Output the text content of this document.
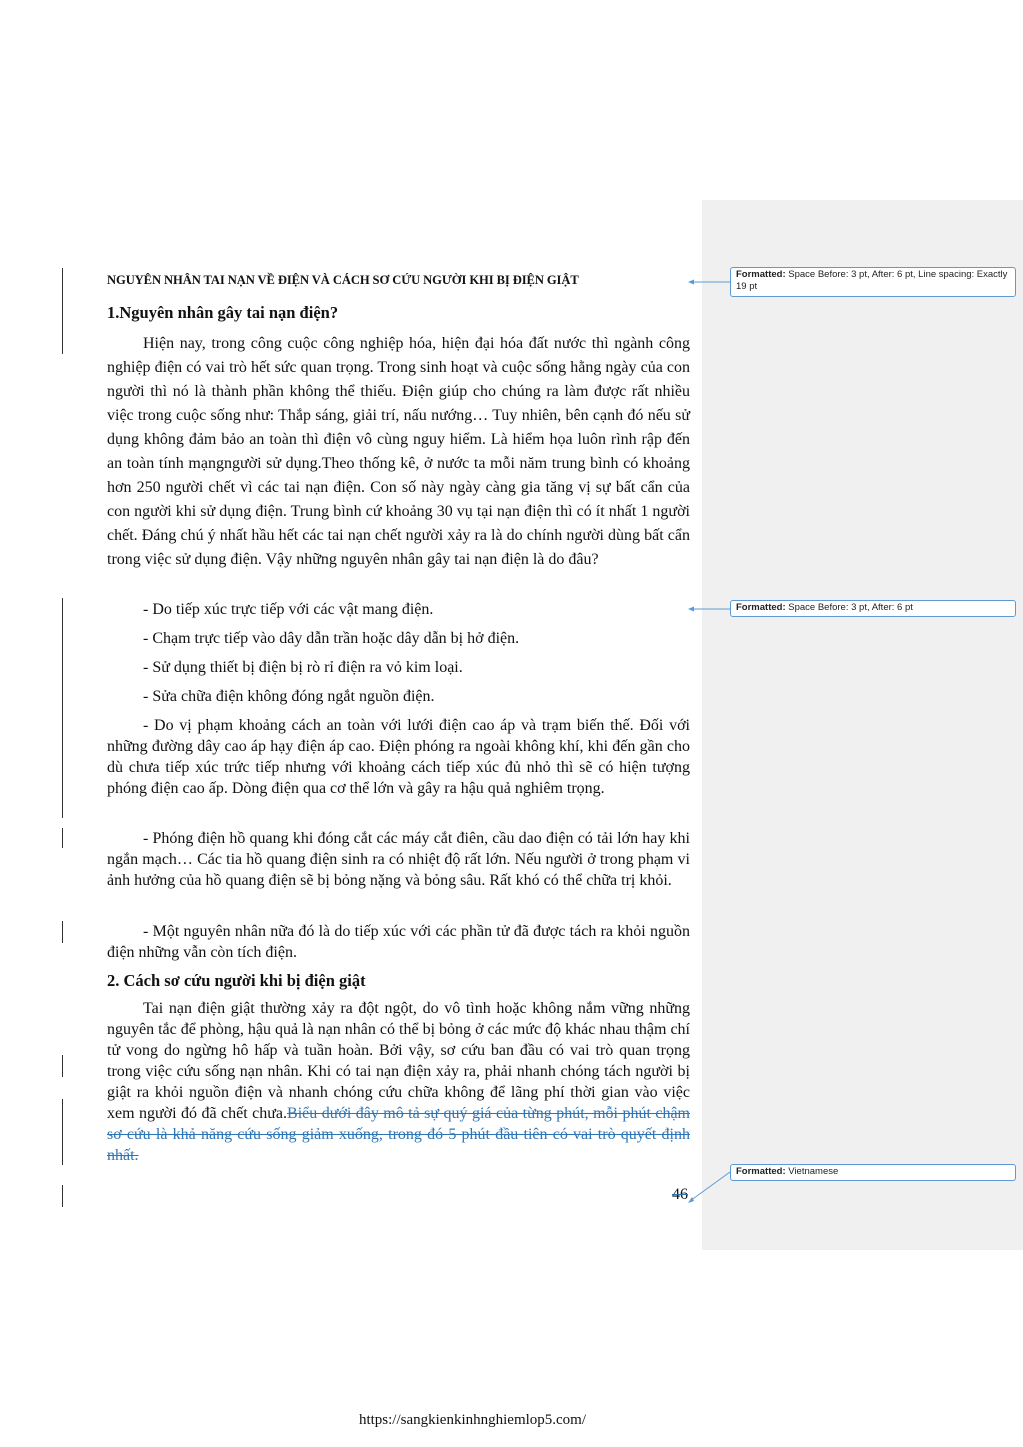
NGUYÊN NHÂN TAI NẠN VỀ ĐIỆN VÀ CÁCH SƠ CỨU NGƯỜI KHI BỊ ĐIỆN GIẬT

1.Nguyên nhân gây tai nạn điện?

Hiện nay, trong công cuộc công nghiệp hóa, hiện đại hóa đất nước thì ngành công nghiệp điện có vai trò hết sức quan trọng. Trong sinh hoạt và cuộc sống hằng ngày của con người thì nó là thành phần không thể thiếu. Điện giúp cho chúng ra làm được rất nhiều việc trong cuộc sống như: Thắp sáng, giải trí, nấu nướng… Tuy nhiên, bên cạnh đó nếu sử dụng không đảm bảo an toàn thì điện vô cùng nguy hiểm. Là hiểm họa luôn rình rập đến an toàn tính mạngngười sử dụng.Theo thống kê, ở nước ta mỗi năm trung bình có khoảng hơn 250 người chết vì các tai nạn điện. Con số này ngày càng gia tăng vị sự bất cẩn của con người khi sử dụng điện. Trung bình cứ khoảng 30 vụ tại nạn điện thì có ít nhất 1 người chết. Đáng chú ý nhất hầu hết các tai nạn chết người xảy ra là do chính người dùng bất cẩn trong việc sử dụng điện. Vậy những nguyên nhân gây tai nạn điện là do đâu?

- Do tiếp xúc trực tiếp với các vật mang điện.

- Chạm trực tiếp vào dây dẫn trần hoặc dây dẫn bị hở điện.

- Sử dụng thiết bị điện bị rò rỉ điện ra vỏ kim loại.

- Sửa chữa điện không đóng ngắt nguồn điện.

- Do vị phạm khoảng cách an toàn với lưới điện cao áp và trạm biến thế. Đối với những đường dây cao áp hạy điện áp cao. Điện phóng ra ngoài không khí, khi đến gần cho dù chưa tiếp xúc trức tiếp nhưng với khoảng cách tiếp xúc đủ nhỏ thì sẽ có hiện tượng phóng điện cao ấp. Dòng điện qua cơ thể lớn và gây ra hậu quả nghiêm trọng.

- Phóng điện hồ quang khi đóng cắt các máy cắt điên, cầu dao điện có tải lớn hay khi ngắn mạch… Các tia hồ quang điện sinh ra có nhiệt độ rất lớn. Nếu người ở trong phạm vi ảnh hưởng của hồ quang điện sẽ bị bỏng nặng và bỏng sâu. Rất khó có thể chữa trị khỏi.

- Một nguyên nhân nữa đó là do tiếp xúc với các phần tử đã được tách ra khỏi nguồn điện những vẫn còn tích điện.

2. Cách sơ cứu người khi bị điện giật

Tai nạn điện giật thường xảy ra đột ngột, do vô tình hoặc không nắm vững những nguyên tắc để phòng, hậu quả là nạn nhân có thể bị bỏng ở các mức độ khác nhau thậm chí tử vong do ngừng hô hấp và tuần hoàn. Bởi vậy, sơ cứu ban đầu có vai trò quan trọng trong việc cứu sống nạn nhân. Khi có tai nạn điện xảy ra, phải nhanh chóng tách người bị giật ra khỏi nguồn điện và nhanh chóng cứu chữa không để lãng phí thời gian vào việc xem người đó đã chết chưa.Biểu dưới đây mô tả sự quý giá của từng phút, mỗi phút chậm sơ cứu là khả năng cứu sống giảm xuống, trong đó 5 phút đầu tiên có vai trò quyết định nhất.

46
Formatted: Space Before: 3 pt, After: 6 pt, Line spacing: Exactly 19 pt
Formatted: Space Before: 3 pt, After: 6 pt
Formatted: Vietnamese
https://sangkienkinhnghiemlop5.com/
